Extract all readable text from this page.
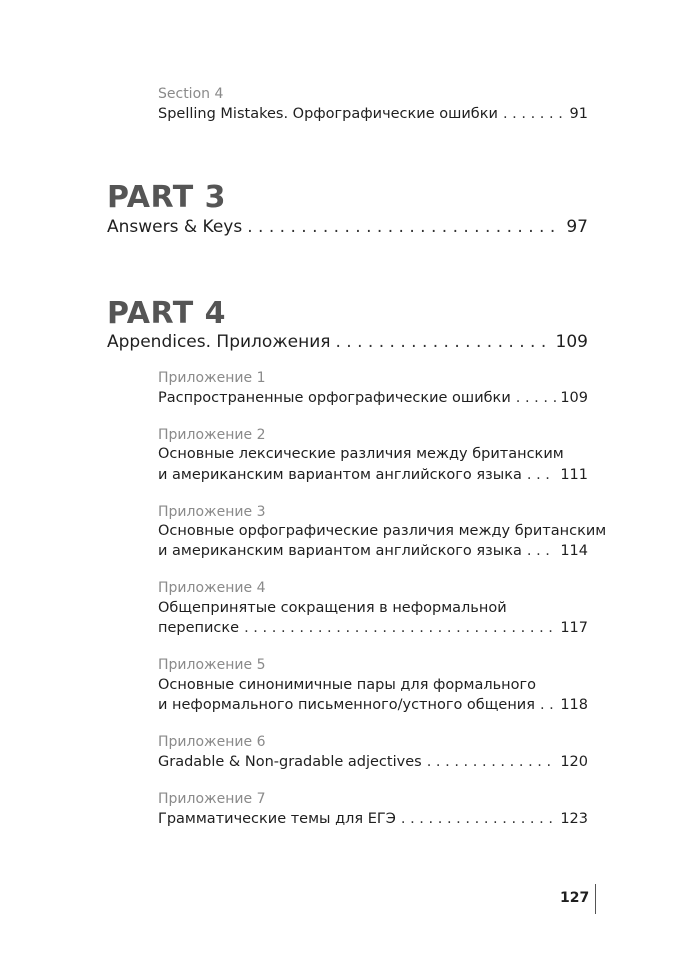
Section 4
Spelling Mistakes. Орфографические ошибки . . .	91
PART 3
Answers & Keys . . .	97
PART 4
Appendices. Приложения . . .	109
Приложение 1
Распространенные орфографические ошибки . . .	109
Приложение 2
Основные лексические различия между британским
и американским вариантом английского языка . . .	111
Приложение 3
Основные орфографические различия между британским
и американским вариантом английского языка . . .	114
Приложение 4
Общепринятые сокращения в неформальной
переписке . . .	117
Приложение 5
Основные синонимичные пары для формального
и неформального письменного/устного общения . . . 118
Приложение 6
Gradable & Non-gradable adjectives . . .	120
Приложение 7
Грамматические темы для ЕГЭ . . .	123
127
